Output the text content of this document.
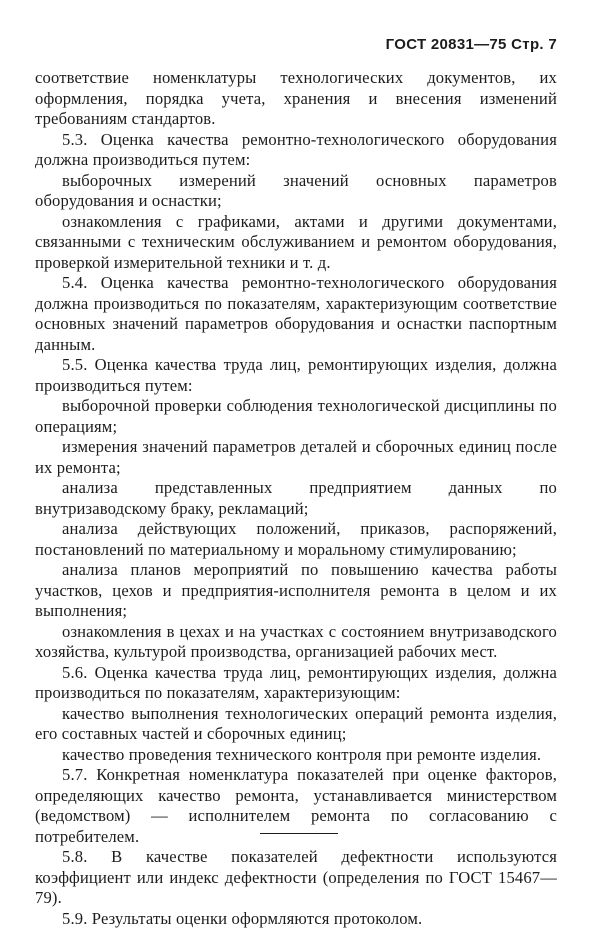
ГОСТ 20831—75 Стр. 7

соответствие номенклатуры технологических документов, их оформления, порядка учета, хранения и внесения изменений требованиям стандартов.

5.3. Оценка качества ремонтно-технологического оборудования должна производиться путем:

выборочных измерений значений основных параметров оборудования и оснастки;

ознакомления с графиками, актами и другими документами, связанными с техническим обслуживанием и ремонтом оборудования, проверкой измерительной техники и т. д.

5.4. Оценка качества ремонтно-технологического оборудования должна производиться по показателям, характеризующим соответствие основных значений параметров оборудования и оснастки паспортным данным.

5.5. Оценка качества труда лиц, ремонтирующих изделия, должна производиться путем:

выборочной проверки соблюдения технологической дисциплины по операциям;

измерения значений параметров деталей и сборочных единиц после их ремонта;

анализа представленных предприятием данных по внутризаводскому браку, рекламаций;

анализа действующих положений, приказов, распоряжений, постановлений по материальному и моральному стимулированию;

анализа планов мероприятий по повышению качества работы участков, цехов и предприятия-исполнителя ремонта в целом и их выполнения;

ознакомления в цехах и на участках с состоянием внутризаводского хозяйства, культурой производства, организацией рабочих мест.

5.6. Оценка качества труда лиц, ремонтирующих изделия, должна производиться по показателям, характеризующим:

качество выполнения технологических операций ремонта изделия, его составных частей и сборочных единиц;

качество проведения технического контроля при ремонте изделия.

5.7. Конкретная номенклатура показателей при оценке факторов, определяющих качество ремонта, устанавливается министерством (ведомством) — исполнителем ремонта по согласованию с потребителем.

5.8. В качестве показателей дефектности используются коэффициент или индекс дефектности (определения по ГОСТ 15467—79).

5.9. Результаты оценки оформляются протоколом.
